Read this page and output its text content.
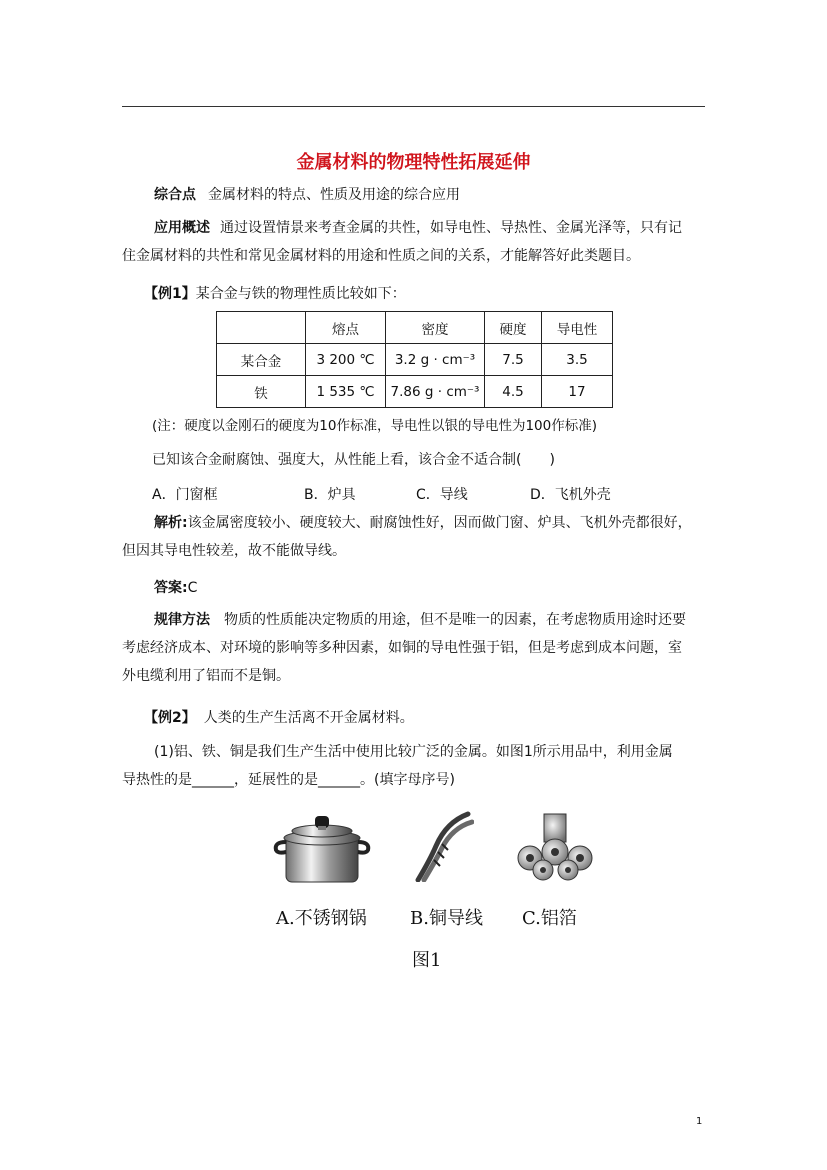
金属材料的物理特性拓展延伸
综合点 金属材料的特点、性质及用途的综合应用
应用概述 通过设置情景来考查金属的共性，如导电性、导热性、金属光泽等，只有记
住金属材料的共性和常见金属材料的用途和性质之间的关系，才能解答好此类题目。
【例1】某合金与铁的物理性质比较如下：
	熔点	密度	硬度	导电性
某合金	3 200 ℃	3.2 g · cm⁻³	7.5	3.5
铁	1 535 ℃	7.86 g · cm⁻³	4.5	17
(注：硬度以金刚石的硬度为10作标准，导电性以银的导电性为100作标准)
已知该合金耐腐蚀、强度大，从性能上看，该合金不适合制(　　)
A．门窗框	B．炉具	C．导线	D．飞机外壳
解析:该金属密度较小、硬度较大、耐腐蚀性好，因而做门窗、炉具、飞机外壳都很好，
但因其导电性较差，故不能做导线。
答案:C
规律方法 物质的性质能决定物质的用途，但不是唯一的因素，在考虑物质用途时还要
考虑经济成本、对环境的影响等多种因素，如铜的导电性强于铝，但是考虑到成本问题，室
外电缆利用了铝而不是铜。
【例2】 人类的生产生活离不开金属材料。
(1)铝、铁、铜是我们生产生活中使用比较广泛的金属。如图1所示用品中，利用金属
导热性的是______，延展性的是______。(填字母序号)
A.不锈钢锅 B.铜导线 C.铝箔
图1
1
